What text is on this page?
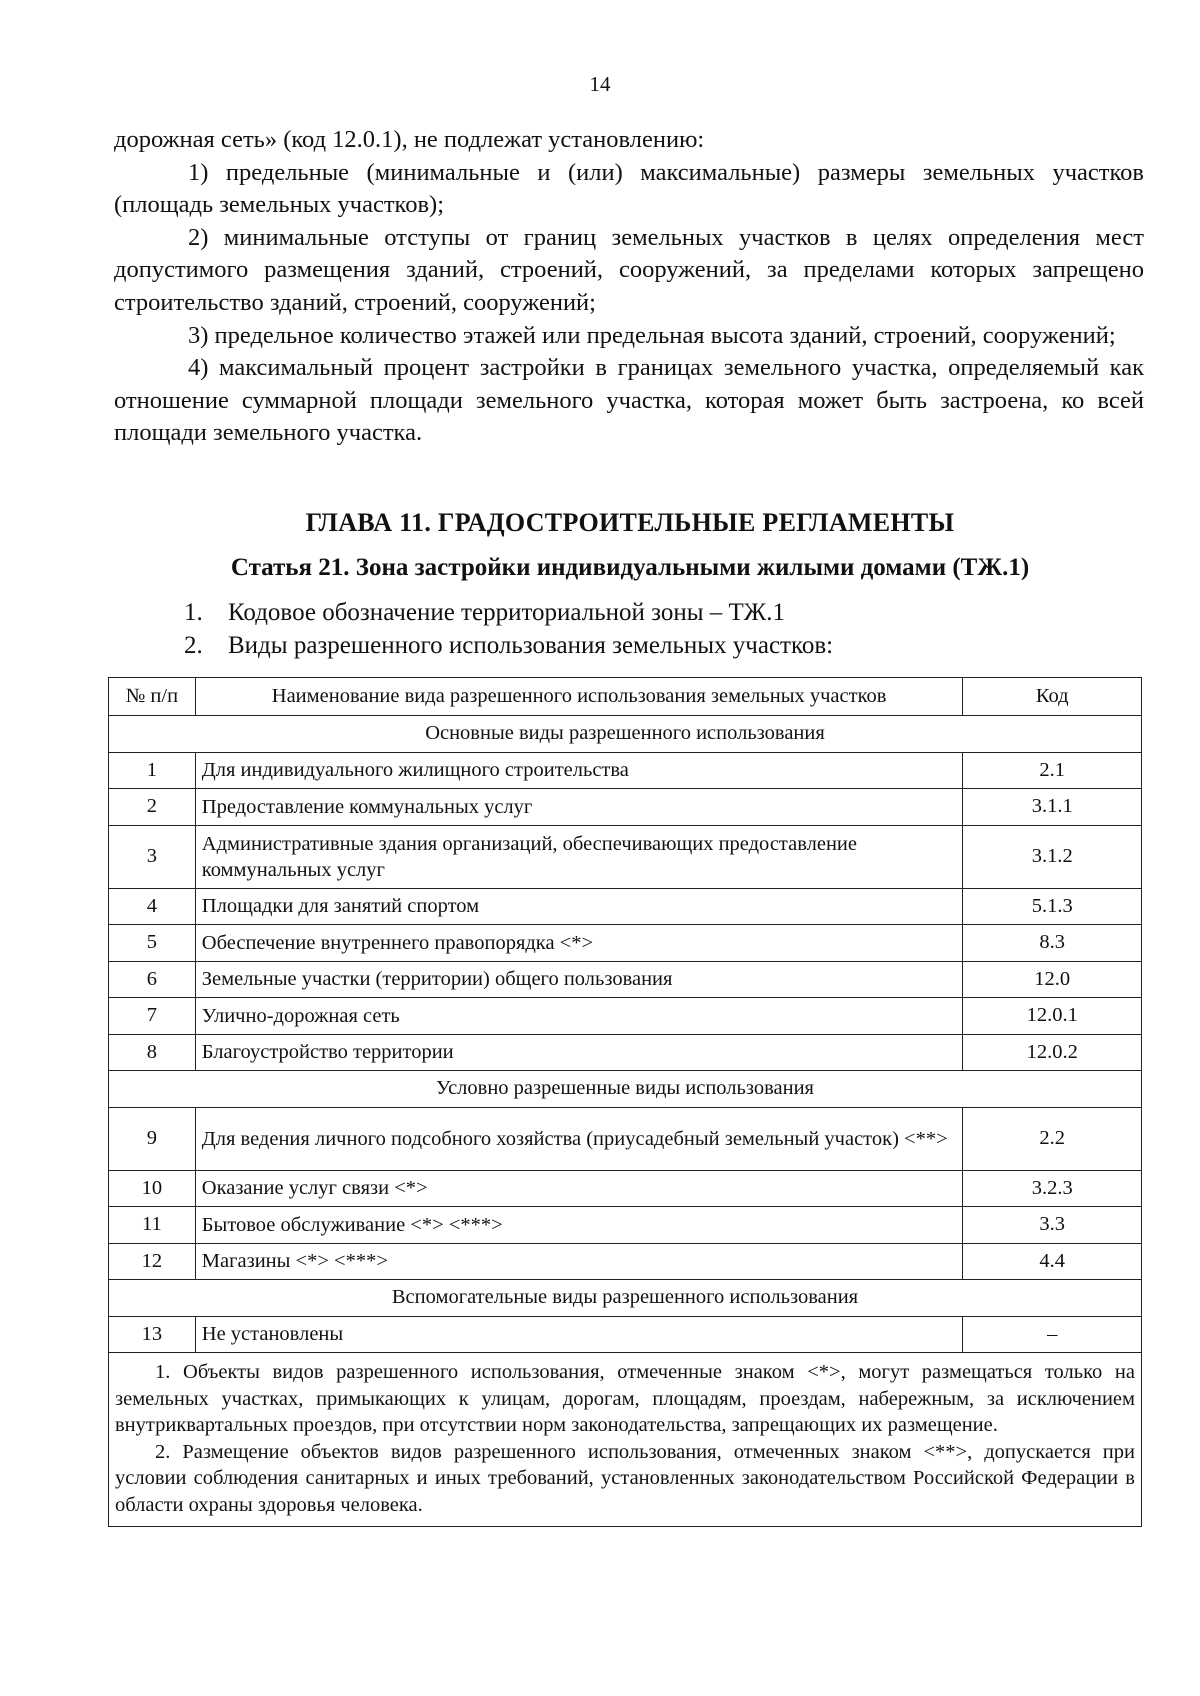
14

дорожная сеть» (код 12.0.1), не подлежат установлению:

1) предельные (минимальные и (или) максимальные) размеры земельных участков (площадь земельных участков);

2) минимальные отступы от границ земельных участков в целях определения мест допустимого размещения зданий, строений, сооружений, за пределами которых запрещено строительство зданий, строений, сооружений;

3) предельное количество этажей или предельная высота зданий, строений, сооружений;

4) максимальный процент застройки в границах земельного участка, определяемый как отношение суммарной площади земельного участка, которая может быть застроена, ко всей площади земельного участка.

ГЛАВА 11. ГРАДОСТРОИТЕЛЬНЫЕ РЕГЛАМЕНТЫ
Статья 21. Зона застройки индивидуальными жилыми домами (ТЖ.1)
1.	Кодовое обозначение территориальной зоны – ТЖ.1
2.	Виды разрешенного использования земельных участков:
№ п/п	Наименование вида разрешенного использования земельных участков	Код
Основные виды разрешенного использования		
1	Для индивидуального жилищного строительства	2.1
2	Предоставление коммунальных услуг	3.1.1
3	Административные здания организаций, обеспечивающих предоставление коммунальных услуг	3.1.2
4	Площадки для занятий спортом	5.1.3
5	Обеспечение внутреннего правопорядка <*>	8.3
6	Земельные участки (территории) общего пользования	12.0
7	Улично-дорожная сеть	12.0.1
8	Благоустройство территории	12.0.2
Условно разрешенные виды использования		
9	Для ведения личного подсобного хозяйства (приусадебный земельный участок) <**>	2.2
10	Оказание услуг связи <*>	3.2.3
11	Бытовое обслуживание <*> <***>	3.3
12	Магазины <*> <***>	4.4
Вспомогательные виды разрешенного использования		
13	Не установлены	–

1. Объекты видов разрешенного использования, отмеченные знаком <*>, могут размещаться только на земельных участках, примыкающих к улицам, дорогам, площадям, проездам, набережным, за исключением внутриквартальных проездов, при отсутствии норм законодательства, запрещающих их размещение.

2. Размещение объектов видов разрешенного использования, отмеченных знаком <**>, допускается при условии соблюдения санитарных и иных требований, установленных законодательством Российской Федерации в области охраны здоровья человека.		
